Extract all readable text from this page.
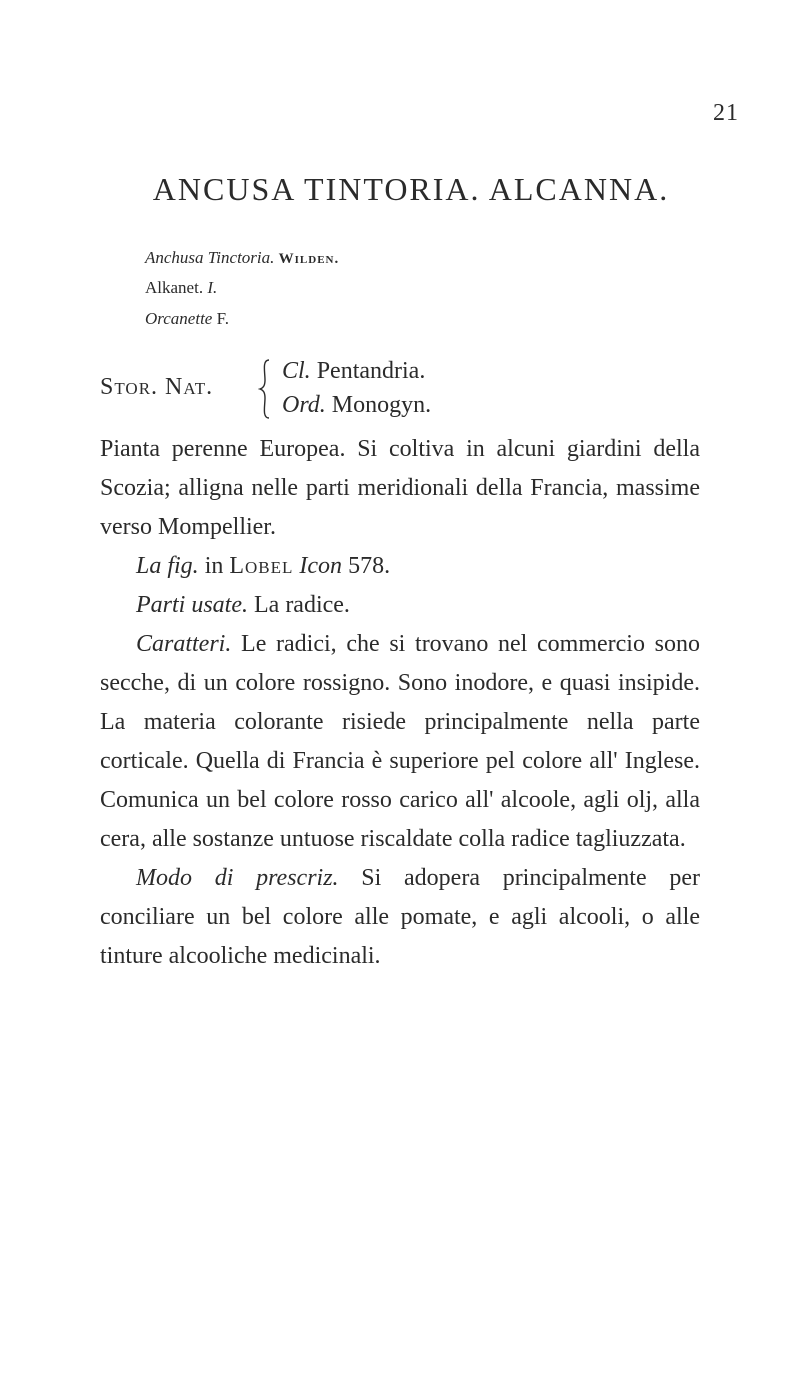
21
ANCUSA TINTORIA. ALCANNA.
Anchusa Tinctoria. Wilden.
Alkanet. I.
Orcanette F.
Stor. Nat.
Cl. Pentandria.
Ord. Monogyn.

Pianta perenne Europea. Si coltiva in alcuni giardini della Scozia; alligna nelle parti meridionali della Francia, massime verso Mompellier.

La fig. in Lobel Icon 578.

Parti usate. La radice.

Caratteri. Le radici, che si trovano nel commercio sono secche, di un colore rossigno. Sono inodore, e quasi insipide. La materia colorante risiede principalmente nella parte corticale. Quella di Francia è superiore pel colore all' Inglese. Comunica un bel colore rosso carico all' alcoole, agli olj, alla cera, alle sostanze untuose riscaldate colla radice tagliuzzata.

Modo di prescriz. Si adopera principalmente per conciliare un bel colore alle pomate, e agli alcooli, o alle tinture alcooliche medicinali.
